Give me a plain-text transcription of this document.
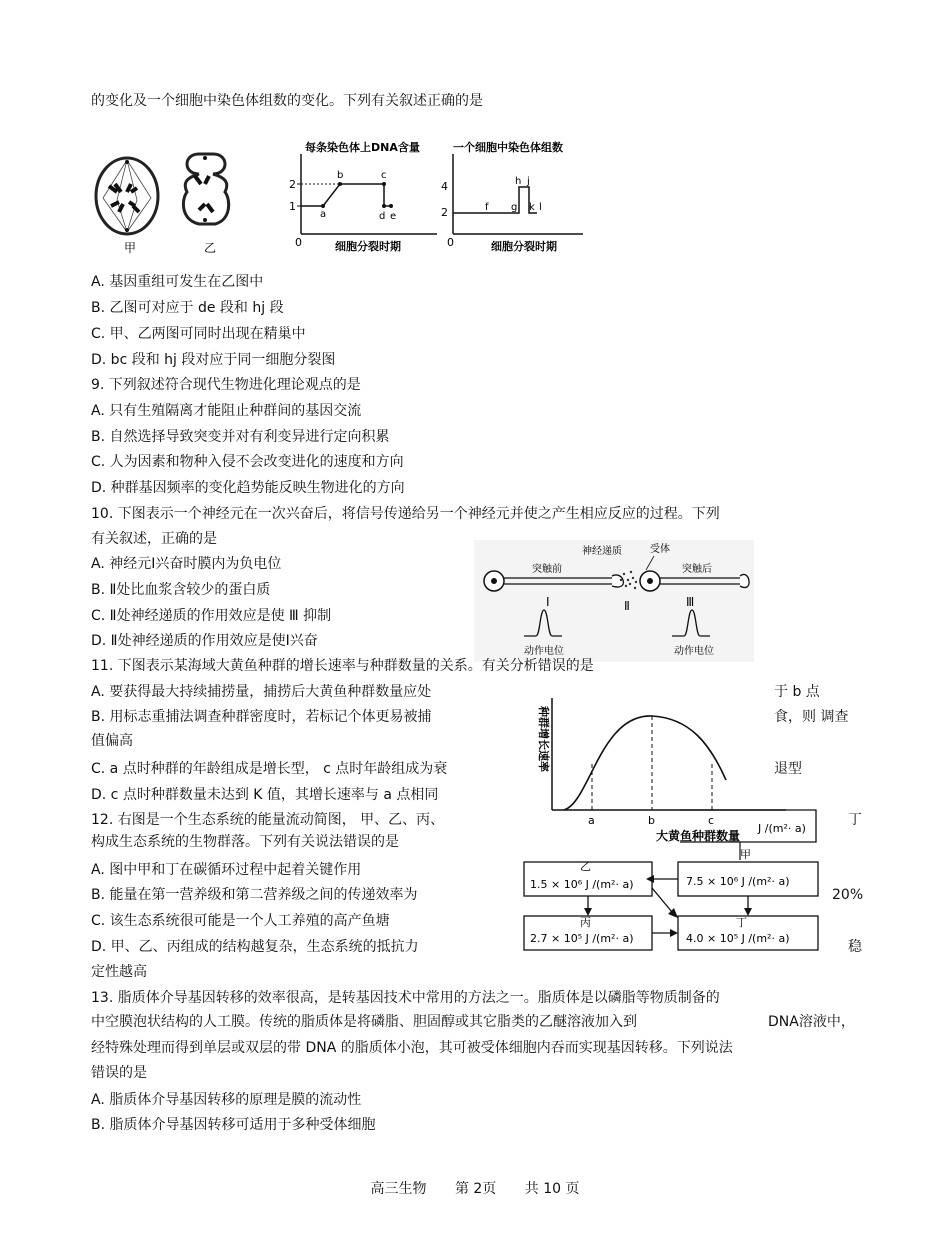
的变化及一个细胞中染色体组数的变化。下列有关叙述正确的是
甲	乙
每条染色体上DNA含量
2
1
0
a
b	c
d e
细胞分裂时期
一个细胞中染色体组数
4
2
0
f g
h j
k l
细胞分裂时期
A. 基因重组可发生在乙图中
B. 乙图可对应于 de 段和 hj 段
C. 甲、乙两图可同时出现在精巢中
D. bc 段和 hj 段对应于同一细胞分裂图
9. 下列叙述符合现代生物进化理论观点的是
A. 只有生殖隔离才能阻止种群间的基因交流
B. 自然选择导致突变并对有利变异进行定向积累
C. 人为因素和物种入侵不会改变进化的速度和方向
D. 种群基因频率的变化趋势能反映生物进化的方向
10. 下图表示一个神经元在一次兴奋后，将信号传递给另一个神经元并使之产生相应反应的过程。下列
有关叙述，正确的是
A. 神经元Ⅰ兴奋时膜内为负电位
B. Ⅱ处比血浆含较少的蛋白质
C. Ⅱ处神经递质的作用效应是使 Ⅲ 抑制
D. Ⅱ处神经递质的作用效应是使Ⅰ兴奋
突触前
神经递质	受体
突触后
Ⅰ	Ⅱ	Ⅲ
动作电位	动作电位
11. 下图表示某海域大黄鱼种群的增长速率与种群数量的关系。有关分析错误的是
A. 要获得最大持续捕捞量，捕捞后大黄鱼种群数量应处	于 b 点
B. 用标志重捕法调查种群密度时，若标记个体更易被捕	食，则 调查
值偏高
C. a 点时种群的年龄组成是增长型， c 点时年龄组成为衰	退型
D. c 点时种群数量未达到 K 值，其增长速率与 a 点相同
种群增长速率
a	b	c
大黄鱼种群数量
12. 右图是一个生态系统的能量流动简图， 甲、乙、丙、	丁
构成生态系统的生物群落。下列有关说法错误的是
A. 图中甲和丁在碳循环过程中起着关键作用
B. 能量在第一营养级和第二营养级之间的传递效率为	20%
C. 该生态系统很可能是一个人工养殖的高产鱼塘
D. 甲、乙、丙组成的结构越复杂，生态系统的抵抗力	稳
定性越高
J /(m²· a)
甲
7.5 × 10⁶ J /(m²· a)
乙
1.5 × 10⁶ J /(m²· a)
丙
2.7 × 10⁵ J /(m²· a)
丁
4.0 × 10⁵ J /(m²· a)
13. 脂质体介导基因转移的效率很高，是转基因技术中常用的方法之一。脂质体是以磷脂等物质制备的
中空膜泡状结构的人工膜。传统的脂质体是将磷脂、胆固醇或其它脂类的乙醚溶液加入到	DNA溶液中，
经特殊处理而得到单层或双层的带 DNA 的脂质体小泡，其可被受体细胞内吞而实现基因转移。下列说法
错误的是
A. 脂质体介导基因转移的原理是膜的流动性
B. 脂质体介导基因转移可适用于多种受体细胞
高三生物 第 2页 共 10 页
